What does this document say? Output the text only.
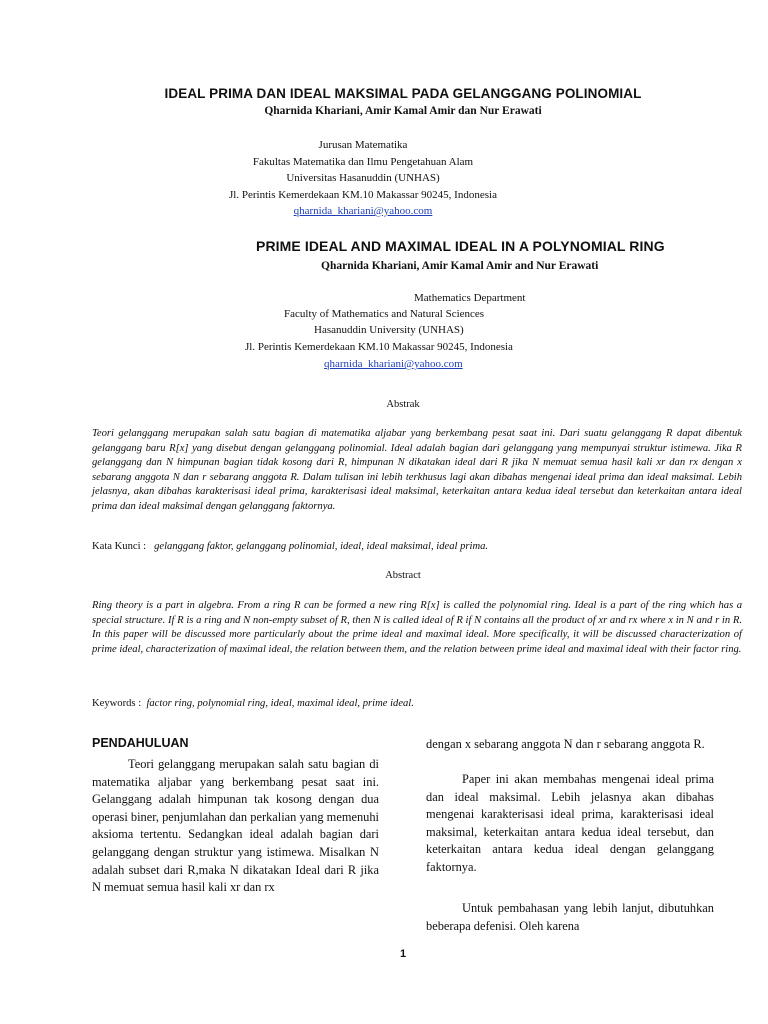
IDEAL PRIMA DAN IDEAL MAKSIMAL PADA GELANGGANG POLINOMIAL
Qharnida Khariani, Amir Kamal Amir dan Nur Erawati
Jurusan Matematika
Fakultas Matematika dan Ilmu Pengetahuan Alam
Universitas Hasanuddin (UNHAS)
Jl. Perintis Kemerdekaan KM.10 Makassar 90245, Indonesia
qharnida_khariani@yahoo.com
PRIME IDEAL AND MAXIMAL IDEAL IN A POLYNOMIAL RING
Qharnida Khariani, Amir Kamal Amir and Nur Erawati
Mathematics Department
Faculty of Mathematics and Natural Sciences
Hasanuddin University (UNHAS)
Jl. Perintis Kemerdekaan KM.10 Makassar 90245, Indonesia
qharnida_khariani@yahoo.com
Abstrak
Teori gelanggang merupakan salah satu bagian di matematika aljabar yang berkembang pesat saat ini. Dari suatu gelanggang R dapat dibentuk gelanggang baru R[x] yang disebut dengan gelanggang polinomial. Ideal adalah bagian dari gelanggang yang mempunyai struktur istimewa. Jika R gelanggang dan N himpunan bagian tidak kosong dari R, himpunan N dikatakan ideal dari R jika N memuat semua hasil kali xr dan rx dengan x sebarang anggota N dan r sebarang anggota R. Dalam tulisan ini lebih terkhusus lagi akan dibahas mengenai ideal prima dan ideal maksimal. Lebih jelasnya, akan dibahas karakterisasi ideal prima, karakterisasi ideal maksimal, keterkaitan antara kedua ideal tersebut dan keterkaitan antara ideal prima dan ideal maksimal dengan gelanggang faktornya.
Kata Kunci : gelanggang faktor, gelanggang polinomial, ideal, ideal maksimal, ideal prima.
Abstract
Ring theory is a part in algebra. From a ring R can be formed a new ring R[x] is called the polynomial ring. Ideal is a part of the ring which has a special structure. If R is a ring and N non-empty subset of R, then N is called ideal of R if N contains all the product of xr and rx where x in N and r in R. In this paper will be discussed more particularly about the prime ideal and maximal ideal. More specifically, it will be discussed characterization of prime ideal, characterization of maximal ideal, the relation between them, and the relation between prime ideal and maximal ideal with their factor ring.
Keywords : factor ring, polynomial ring, ideal, maximal ideal, prime ideal.
PENDAHULUAN
Teori gelanggang merupakan salah satu bagian di matematika aljabar yang berkembang pesat saat ini. Gelanggang adalah himpunan tak kosong dengan dua operasi biner, penjumlahan dan perkalian yang memenuhi aksioma tertentu. Sedangkan ideal adalah bagian dari gelanggang dengan struktur yang istimewa. Misalkan N adalah subset dari R,maka N dikatakan Ideal dari R jika N memuat semua hasil kali xr dan rx
dengan x sebarang anggota N dan r sebarang anggota R.
Paper ini akan membahas mengenai ideal prima dan ideal maksimal. Lebih jelasnya akan dibahas mengenai karakterisasi ideal prima, karakterisasi ideal maksimal, keterkaitan antara kedua ideal tersebut, dan keterkaitan antara kedua ideal dengan gelanggang faktornya.
Untuk pembahasan yang lebih lanjut, dibutuhkan beberapa defenisi. Oleh karena
1
